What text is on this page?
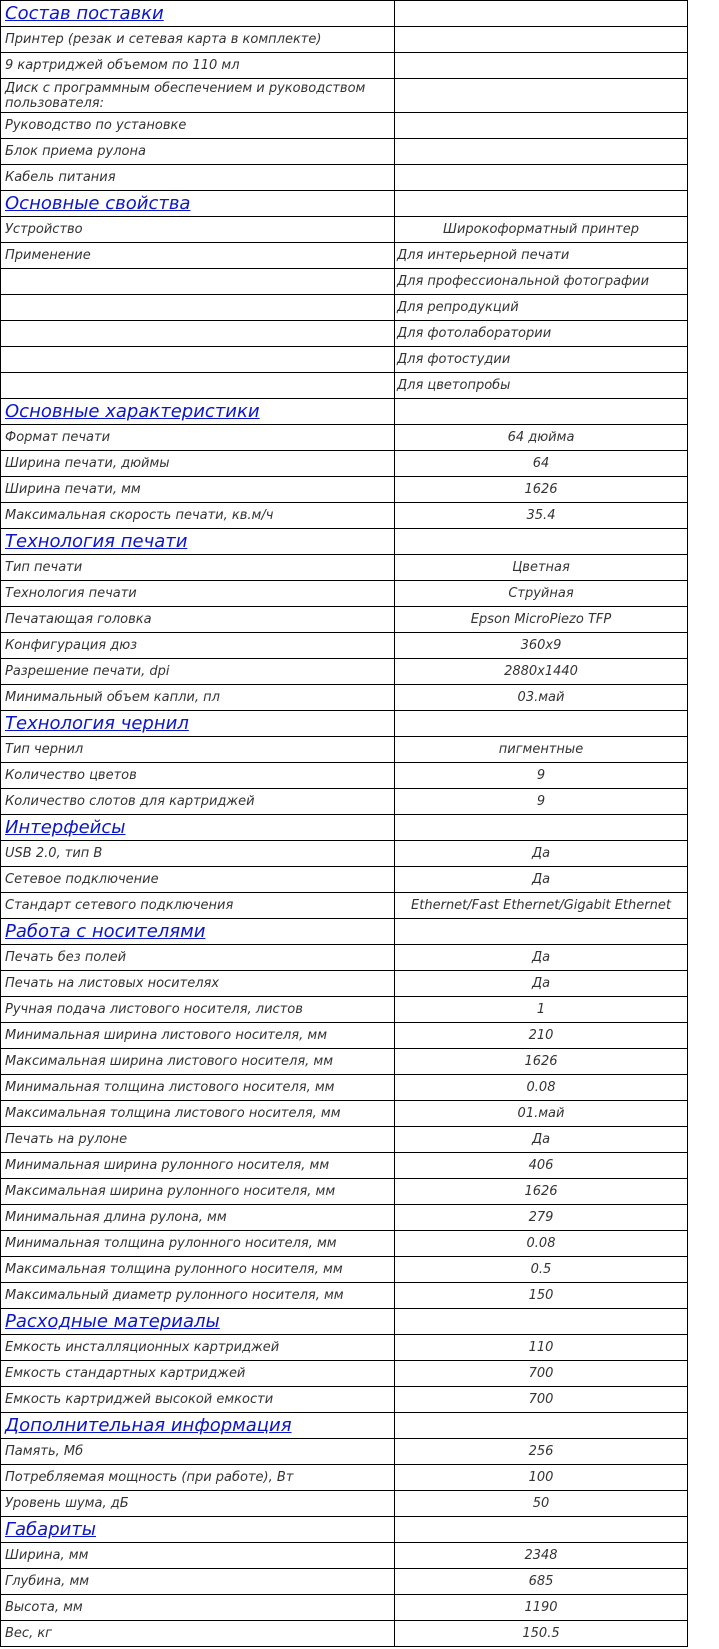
Состав поставки	
Принтер (резак и сетевая карта в комплекте)	
9 картриджей объемом по 110 мл	
Диск с программным обеспечением и руководством пользователя:	
Руководство по установке	
Блок приема рулона	
Кабель питания	
Основные свойства	
Устройство	Широкоформатный принтер
Применение	Для интерьерной печати
	Для профессиональной фотографии
	Для репродукций
	Для фотолаборатории
	Для фотостудии
	Для цветопробы
Основные характеристики	
Формат печати	64 дюйма
Ширина печати, дюймы	64
Ширина печати, мм	1626
Максимальная скорость печати, кв.м/ч	35.4
Технология печати	
Тип печати	Цветная
Технология печати	Струйная
Печатающая головка	Epson MicroPiezo TFP
Конфигурация дюз	360x9
Разрешение печати, dpi	2880x1440
Минимальный объем капли, пл	03.май
Технология чернил	
Тип чернил	пигментные
Количество цветов	9
Количество слотов для картриджей	9
Интерфейсы	
USB 2.0, тип B	Да
Сетевое подключение	Да
Стандарт сетевого подключения	Ethernet/Fast Ethernet/Gigabit Ethernet
Работа с носителями	
Печать без полей	Да
Печать на листовых носителях	Да
Ручная подача листового носителя, листов	1
Минимальная ширина листового носителя, мм	210
Максимальная ширина листового носителя, мм	1626
Минимальная толщина листового носителя, мм	0.08
Максимальная толщина листового носителя, мм	01.май
Печать на рулоне	Да
Минимальная ширина рулонного носителя, мм	406
Максимальная ширина рулонного носителя, мм	1626
Минимальная длина рулона, мм	279
Минимальная толщина рулонного носителя, мм	0.08
Максимальная толщина рулонного носителя, мм	0.5
Максимальный диаметр рулонного носителя, мм	150
Расходные материалы	
Емкость инсталляционных картриджей	110
Емкость стандартных картриджей	700
Емкость картриджей высокой емкости	700
Дополнительная информация	
Память, Мб	256
Потребляемая мощность (при работе), Вт	100
Уровень шума, дБ	50
Габариты	
Ширина, мм	2348
Глубина, мм	685
Высота, мм	1190
Вес, кг	150.5
